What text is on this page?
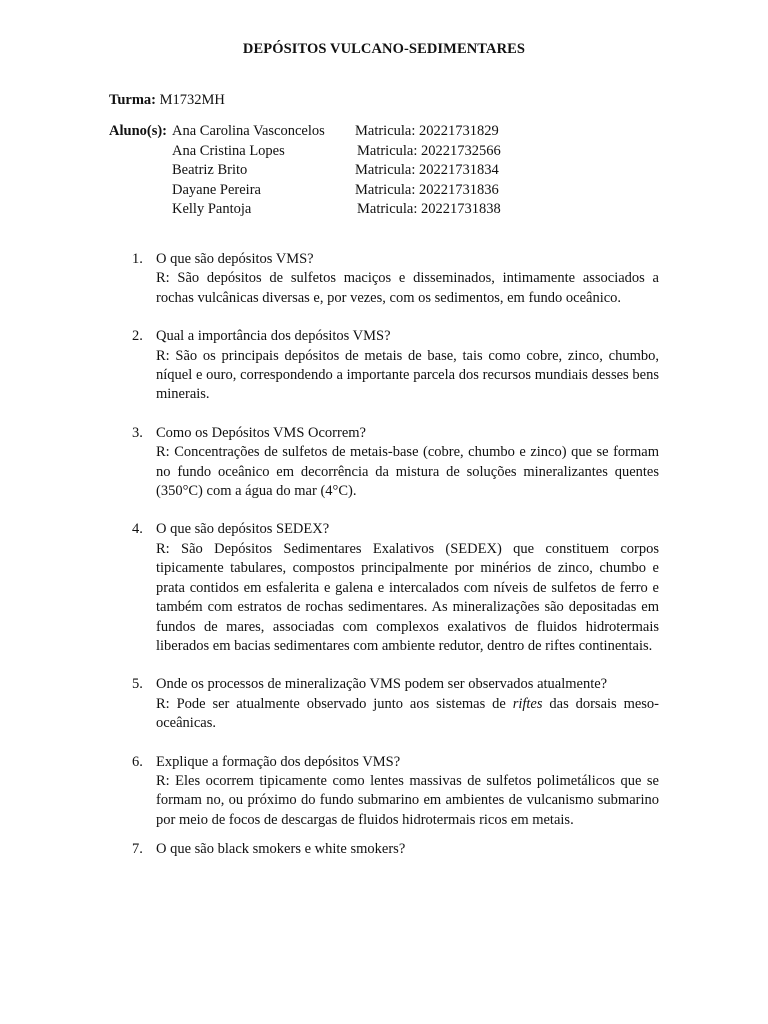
DEPÓSITOS VULCANO-SEDIMENTARES
Turma: M1732MH
Aluno(s): Ana Carolina Vasconcelos Matricula: 20221731829
Ana Cristina Lopes	Matricula: 20221732566
Beatriz Brito	Matricula: 20221731834
Dayane Pereira	Matricula: 20221731836
Kelly Pantoja	Matricula: 20221731838
1. O que são depósitos VMS?
R: São depósitos de sulfetos maciços e disseminados, intimamente associados a rochas vulcânicas diversas e, por vezes, com os sedimentos, em fundo oceânico.
2. Qual a importância dos depósitos VMS?
R: São os principais depósitos de metais de base, tais como cobre, zinco, chumbo, níquel e ouro, correspondendo a importante parcela dos recursos mundiais desses bens minerais.
3. Como os Depósitos VMS Ocorrem?
R: Concentrações de sulfetos de metais-base (cobre, chumbo e zinco) que se formam no fundo oceânico em decorrência da mistura de soluções mineralizantes quentes (350°C) com a água do mar (4°C).
4. O que são depósitos SEDEX?
R: São Depósitos Sedimentares Exalativos (SEDEX) que constituem corpos tipicamente tabulares, compostos principalmente por minérios de zinco, chumbo e prata contidos em esfalerita e galena e intercalados com níveis de sulfetos de ferro e também com estratos de rochas sedimentares. As mineralizações são depositadas em fundos de mares, associadas com complexos exalativos de fluidos hidrotermais liberados em bacias sedimentares com ambiente redutor, dentro de riftes continentais.
5. Onde os processos de mineralização VMS podem ser observados atualmente?
R: Pode ser atualmente observado junto aos sistemas de riftes das dorsais meso-oceânicas.
6. Explique a formação dos depósitos VMS?
R: Eles ocorrem tipicamente como lentes massivas de sulfetos polimetálicos que se formam no, ou próximo do fundo submarino em ambientes de vulcanismo submarino por meio de focos de descargas de fluidos hidrotermais ricos em metais.
7. O que são black smokers e white smokers?
